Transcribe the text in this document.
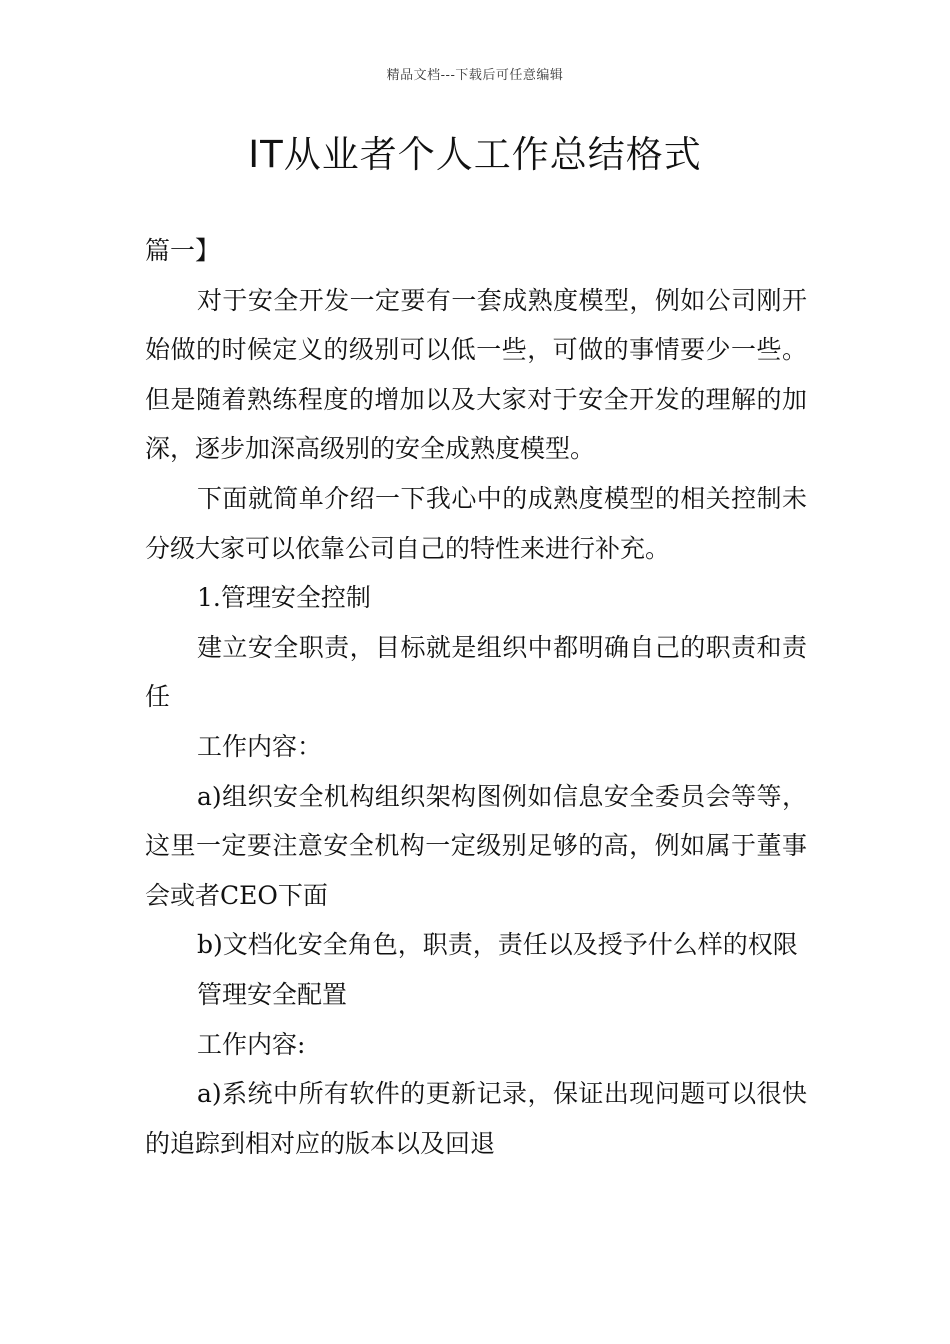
精品文档---下载后可任意编辑
IT从业者个人工作总结格式

篇一】

对于安全开发一定要有一套成熟度模型，例如公司刚开始做的时候定义的级别可以低一些，可做的事情要少一些。但是随着熟练程度的增加以及大家对于安全开发的理解的加深，逐步加深高级别的安全成熟度模型。

下面就简单介绍一下我心中的成熟度模型的相关控制未分级大家可以依靠公司自己的特性来进行补充。

1.管理安全控制

建立安全职责，目标就是组织中都明确自己的职责和责任

工作内容：

a)组织安全机构组织架构图例如信息安全委员会等等，这里一定要注意安全机构一定级别足够的高，例如属于董事会或者CEO下面

b)文档化安全角色，职责，责任以及授予什么样的权限

管理安全配置

工作内容:

a)系统中所有软件的更新记录，保证出现问题可以很快的追踪到相对应的版本以及回退
